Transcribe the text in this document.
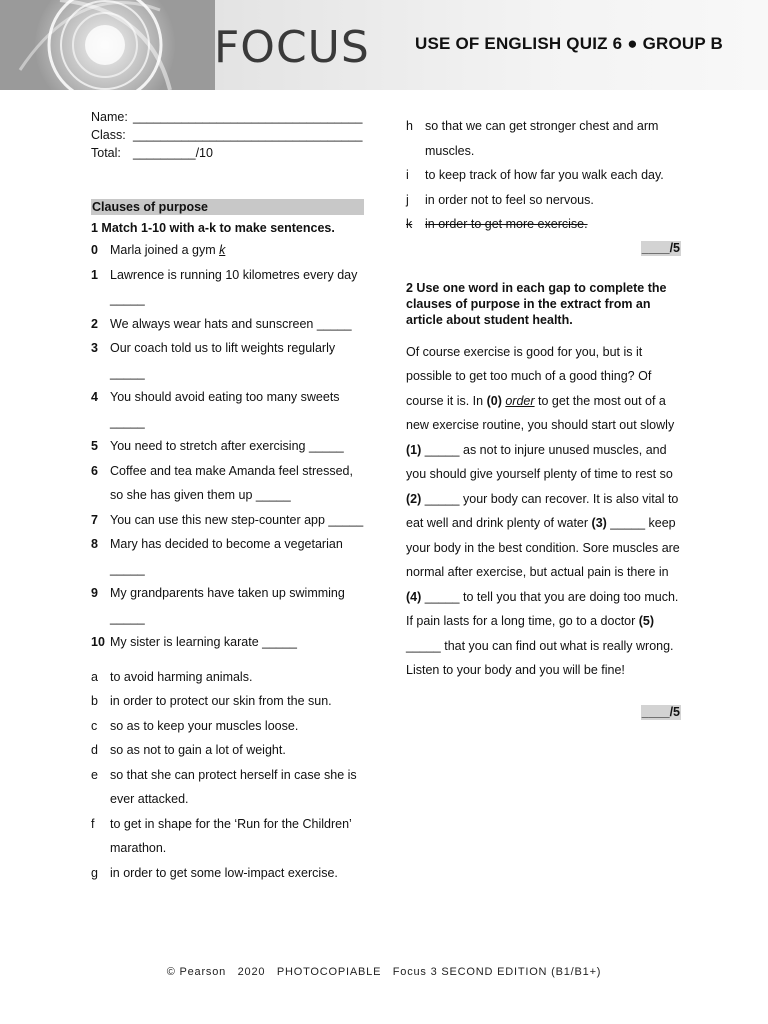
FOCUS	USE OF ENGLISH QUIZ 6 ● GROUP B
Name: _________________________________
Class: _________________________________
Total: _________/10
Clauses of purpose
1 Match 1-10 with a-k to make sentences.
0 Marla joined a gym k
1 Lawrence is running 10 kilometres every day _____
2 We always wear hats and sunscreen _____
3 Our coach told us to lift weights regularly _____
4 You should avoid eating too many sweets _____
5 You need to stretch after exercising _____
6 Coffee and tea make Amanda feel stressed, so she has given them up _____
7 You can use this new step-counter app _____
8 Mary has decided to become a vegetarian _____
9 My grandparents have taken up swimming _____
10 My sister is learning karate _____
a to avoid harming animals.
b in order to protect our skin from the sun.
c	so as to keep your muscles loose.
d so as not to gain a lot of weight.
e so that she can protect herself in case she is ever attacked.
f	to get in shape for the ‘Run for the Children’ marathon.
g in order to get some low-impact exercise.
h so that we can get stronger chest and arm muscles.
i	to keep track of how far you walk each day.
j	in order not to feel so nervous.
k	in order to get more exercise.
____/5
2 Use one word in each gap to complete the clauses of purpose in the extract from an article about student health.
Of course exercise is good for you, but is it possible to get too much of a good thing? Of course it is. In (0) order to get the most out of a new exercise routine, you should start out slowly (1) _____ as not to injure unused muscles, and you should give yourself plenty of time to rest so (2) _____ your body can recover. It is also vital to eat well and drink plenty of water (3) _____ keep your body in the best condition. Sore muscles are normal after exercise, but actual pain is there in (4) _____ to tell you that you are doing too much. If pain lasts for a long time, go to a doctor (5) _____ that you can find out what is really wrong. Listen to your body and you will be fine!
____/5
© Pearson   2020   PHOTOCOPIABLE   Focus 3 SECOND EDITION (B1/B1+)
